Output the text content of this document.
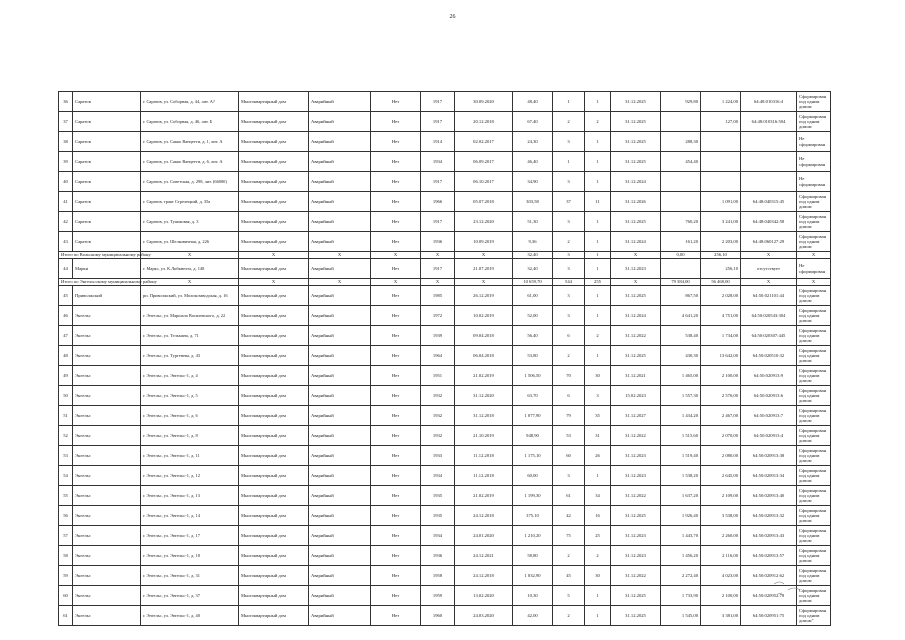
26
36	Саратов	г. Саратов, ул. Соборная, д. 44, лит. А?	Многоквартирный дом	Аварийный	Нет	1917	30.09.2020	48,40	1	1	31.12.2025	929,80	1 224,00	64:48:010316:4	Сформирован под одним домом
37	Саратов	г. Саратов, ул. Соборная, д. 46, лит. Б	Многоквартирный дом	Аварийный	Нет	1917	20.12.2018	67,40	2	2	31.12.2025		127,00	64:48:010316:504	Сформирован под одним домом
38	Саратов	г. Саратов, ул. Сакко Ванцетти, д. 1, лит. А	Многоквартирный дом	Аварийный	Нет	1914	02.02.2017	24,30	3	1	31.12.2025	288,30			Не сформирован
39	Саратов	г. Саратов, ул. Сакко Ванцетти, д. 6, лит. А	Многоквартирный дом	Аварийный	Нет	1934	06.09.2017	46,40	1	1	31.12.2025	454,40			Не сформирован
40	Саратов	г. Саратов, ул. Советская, д. 298, лит. (66000)	Многоквартирный дом	Аварийный	Нет	1917	06.10.2017	34,90	3	1	31.12.2024				Не сформирован
41	Саратов	г. Саратов, тракт Стрелецкий, д. 35а	Многоквартирный дом	Аварийный	Нет	1966	05.07.2018	303,58	37	11	31.12.2026		1 091,00	64:48:040315:45	Сформирован под одним домом
42	Саратов	г. Саратов, ул. Тупиковая, д. 3	Многоквартирный дом	Аварийный	Нет	1917	23.12.2020	51,30	3	1	31.12.2025	760,20	3 241,00	64:48:040342:58	Сформирован под одним домом
43	Саратов	г. Саратов, ул. Шелковичная, д. 226	Многоквартирный дом	Аварийный	Нет	1936	10.09.2019	9,36	2	1	31.12.2024	161,20	2 203,00	64:48:060127:29	Сформирован под одним домом
Итого по Вольскому муниципальному району		X	X	X	X	X	X	32,40	3	1	X	0,00	256,10	X	X
44	Марки	г. Маркс, ул. К.Либкнехта, д. 148	Многоквартирный дом	Аварийный	Нет	1917	21.07.2019	32,40	3	1	31.12.2023		256,10	отсутствует	Не сформирован
Итого по Энгельсскому муниципальному району		X	X	X	X	X	X	10 659,70	544	255	X	79 384,00	56 468,00	X	X
45	Приволжский	рп. Приволжский, ул. Молокозаводская, д. 16	Многоквартирный дом	Аварийный	Нет	1985	26.12.2019	61,00	3	1	31.12.2025	867,50	2 028,00	64:50:021101:44	Сформирован под одним домом
46	Энгельс	г. Энгельс, ул. Маршала Василевского, д. 22	Многоквартирный дом	Аварийный	Нет	1972	10.02.2019	52,00	3	1	31.12.2024	4 641,20	4 751,00	64:50:020543:304	Сформирован под одним домом
47	Энгельс	г. Энгельс, ул. Тельмана, д. 71	Многоквартирный дом	Аварийный	Нет	1939	09.04.2018	56,40	6	2	31.12.2022	538,40	1 734,00	64:50:020307:445	Сформирован под одним домом
48	Энгельс	г. Энгельс, ул. Тургенева, д. 43	Многоквартирный дом	Аварийный	Нет	1964	06.04.2018	53,80	2	1	31.12.2025	430,30	13 642,00	64:50:020510:32	Сформирован под одним домом
49	Энгельс	г. Энгельс, ул. Энгельс-1, д. 4	Многоквартирный дом	Аварийный	Нет	1951	21.02.2019	1 506,50	70	30	31.12.2021	1 465,00	2 100,00	64:50:020913:9	Сформирован под одним домом
50	Энгельс	г. Энгельс, ул. Энгельс-1, д. 5	Многоквартирный дом	Аварийный	Нет	1932	31.12.2020	63,70	6	3	15.02.2023	1 557,30	2 576,00	64:50:020913:6	Сформирован под одним домом
51	Энгельс	г. Энгельс, ул. Энгельс-1, д. 6	Многоквартирный дом	Аварийный	Нет	1932	31.12.2018	1 077,90	79	35	31.12.2027	1 434,20	2 467,00	64:50:020913:7	Сформирован под одним домом
52	Энгельс	г. Энгельс, ул. Энгельс-1, д. 8	Многоквартирный дом	Аварийный	Нет	1932	21.10.2019	948,90	53	31	31.12.2022	1 515,60	2 070,00	64:50:020913:4	Сформирован под одним домом
53	Энгельс	г. Энгельс, ул. Энгельс-1, д. 11	Многоквартирный дом	Аварийный	Нет	1933	11.12.2018	1 175,10	60	26	31.12.2023	1 519,40	2 080,00	64:50:020913:38	Сформирован под одним домом
54	Энгельс	г. Энгельс, ул. Энгельс-1, д. 12	Многоквартирный дом	Аварийный	Нет	1934	11.12.2018	60,00	3	1	31.12.2023	1 538,20	2 645,00	64:50:020913:34	Сформирован под одним домом
55	Энгельс	г. Энгельс, ул. Энгельс-1, д. 13	Многоквартирный дом	Аварийный	Нет	1935	21.02.2019	1 199,30	61	34	31.12.2022	1 637,20	2 109,00	64:50:020913:40	Сформирован под одним домом
56	Энгельс	г. Энгельс, ул. Энгельс-1, д. 14	Многоквартирный дом	Аварийный	Нет	1935	24.12.2018	375,10	42	16	31.12.2025	1 926,40	3 538,00	64:50:020913:32	Сформирован под одним домом
57	Энгельс	г. Энгельс, ул. Энгельс-1, д. 17	Многоквартирный дом	Аварийный	Нет	1934	24.01.2020	1 210,20	75	25	31.12.2023	1 443,70	2 260,00	64:50:020913:43	Сформирован под одним домом
58	Энгельс	г. Энгельс, ул. Энгельс-1, д. 18	Многоквартирный дом	Аварийный	Нет	1936	24.12.2021	58,80	2	2	31.12.2023	1 456,20	2 116,00	64:50:020913:57	Сформирован под одним домом
59	Энгельс	г. Энгельс, ул. Энгельс-1, д. 31	Многоквартирный дом	Аварийный	Нет	1958	24.12.2018	1 032,90	45	30	31.12.2022	2 272,40	4 023,00	64:50:020912:62	Сформирован под одним домом
60	Энгельс	г. Энгельс, ул. Энгельс-1, д. 37	Многоквартирный дом	Аварийный	Нет	1959	13.02.2020	10,30	5	1	31.12.2025	1 733,90	2 100,00	64:50:020952:78	Сформирован под одним домом
61	Энгельс	г. Энгельс, ул. Энгельс-1, д. 40	Многоквартирный дом	Аварийный	Нет	1960	24.03.2020	42,00	2	1	31.12.2025	1 545,00	3 381,00	64:50:020951:75	Сформирован под одним домом"
